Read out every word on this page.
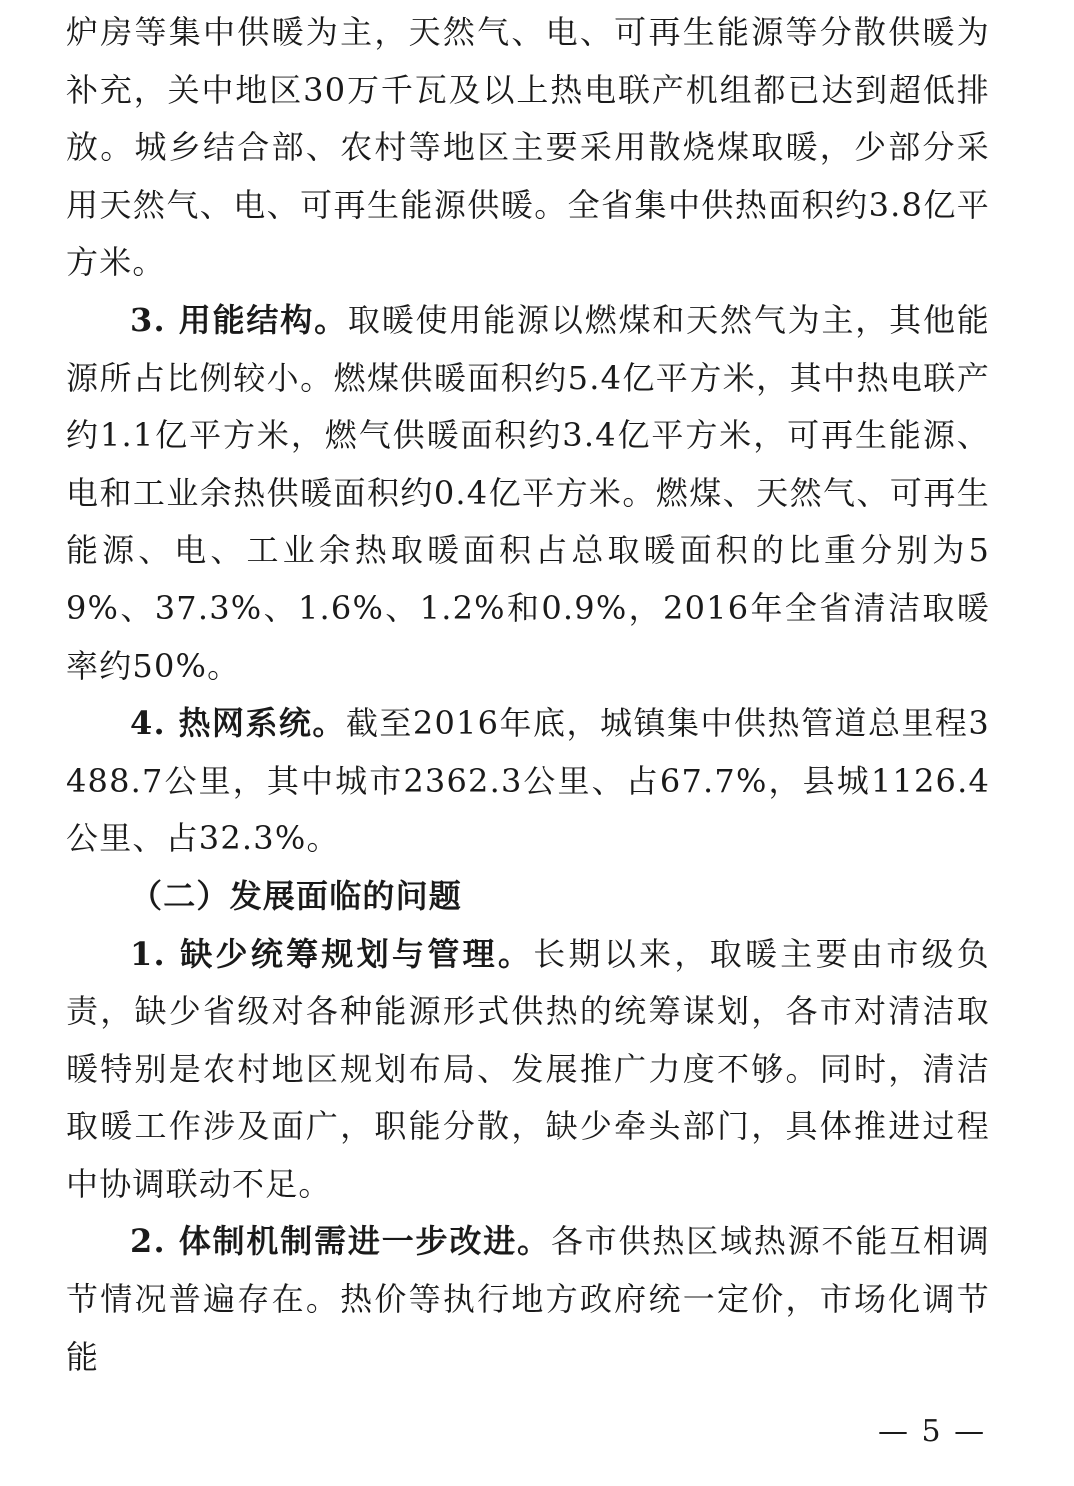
炉房等集中供暖为主，天然气、电、可再生能源等分散供暖为补充，关中地区30万千瓦及以上热电联产机组都已达到超低排放。城乡结合部、农村等地区主要采用散烧煤取暖，少部分采用天然气、电、可再生能源供暖。全省集中供热面积约3.8亿平方米。

3. 用能结构。取暖使用能源以燃煤和天然气为主，其他能源所占比例较小。燃煤供暖面积约5.4亿平方米，其中热电联产约1.1亿平方米，燃气供暖面积约3.4亿平方米，可再生能源、电和工业余热供暖面积约0.4亿平方米。燃煤、天然气、可再生能源、电、工业余热取暖面积占总取暖面积的比重分别为59%、37.3%、1.6%、1.2%和0.9%，2016年全省清洁取暖率约50%。

4. 热网系统。截至2016年底，城镇集中供热管道总里程3488.7公里，其中城市2362.3公里、占67.7%，县城1126.4公里、占32.3%。

（二）发展面临的问题

1. 缺少统筹规划与管理。长期以来，取暖主要由市级负责，缺少省级对各种能源形式供热的统筹谋划，各市对清洁取暖特别是农村地区规划布局、发展推广力度不够。同时，清洁取暖工作涉及面广，职能分散，缺少牵头部门，具体推进过程中协调联动不足。

2. 体制机制需进一步改进。各市供热区域热源不能互相调节情况普遍存在。热价等执行地方政府统一定价，市场化调节能

— 5 —
